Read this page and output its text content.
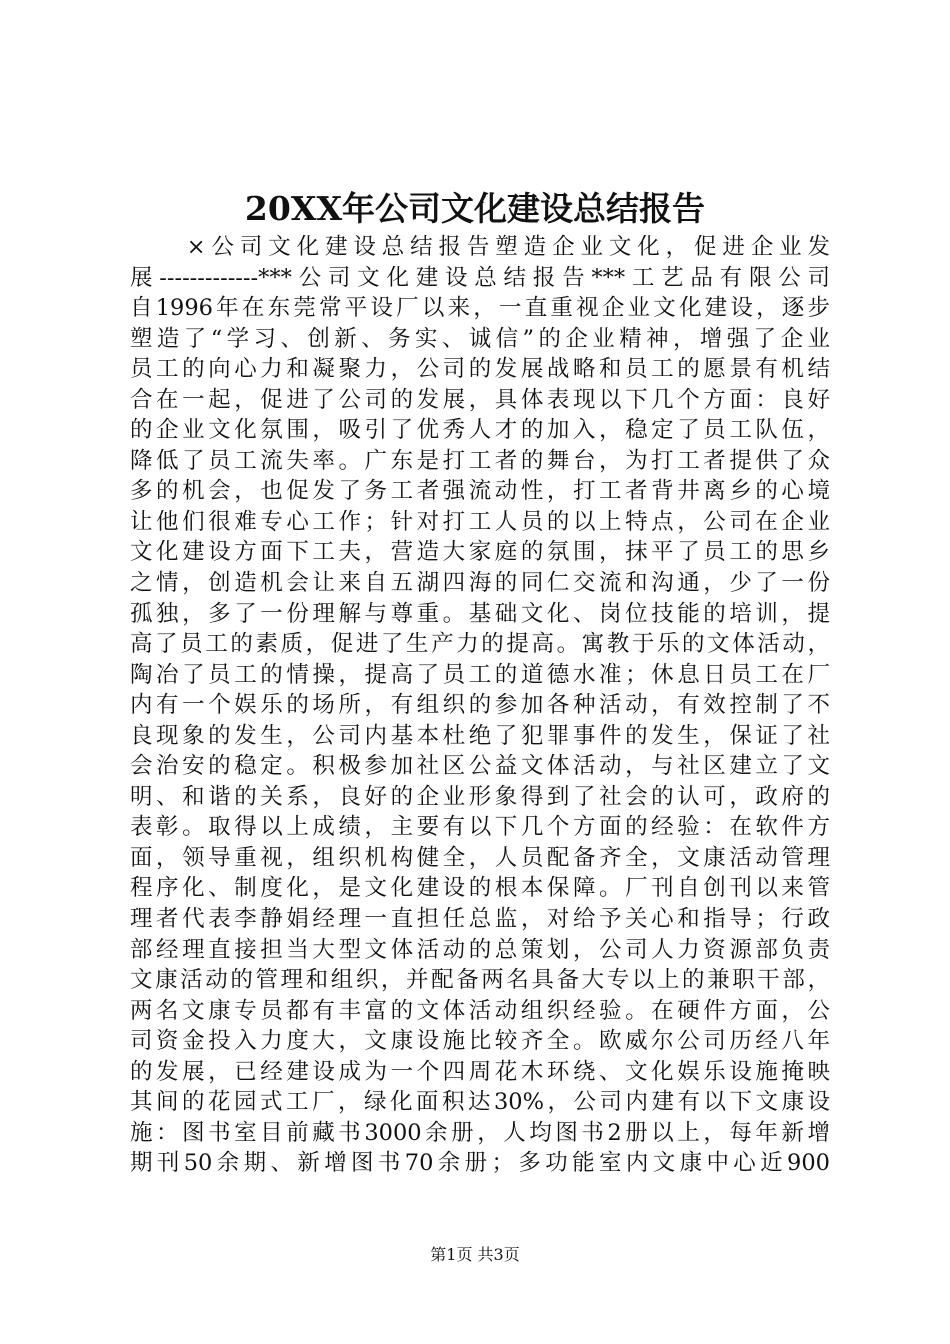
20XX年公司文化建设总结报告
　　×公司文化建设总结报告塑造企业文化，促进企业发
展-------------***公司文化建设总结报告***工艺品有限公司
自1996年在东莞常平设厂以来，一直重视企业文化建设，逐步
塑造了“学习、创新、务实、诚信”的企业精神，增强了企业
员工的向心力和凝聚力，公司的发展战略和员工的愿景有机结
合在一起，促进了公司的发展，具体表现以下几个方面：良好
的企业文化氛围，吸引了优秀人才的加入，稳定了员工队伍，
降低了员工流失率。广东是打工者的舞台，为打工者提供了众
多的机会，也促发了务工者强流动性，打工者背井离乡的心境
让他们很难专心工作；针对打工人员的以上特点，公司在企业
文化建设方面下工夫，营造大家庭的氛围，抹平了员工的思乡
之情，创造机会让来自五湖四海的同仁交流和沟通，少了一份
孤独，多了一份理解与尊重。基础文化、岗位技能的培训，提
高了员工的素质，促进了生产力的提高。寓教于乐的文体活动，
陶冶了员工的情操，提高了员工的道德水准；休息日员工在厂
内有一个娱乐的场所，有组织的参加各种活动，有效控制了不
良现象的发生，公司内基本杜绝了犯罪事件的发生，保证了社
会治安的稳定。积极参加社区公益文体活动，与社区建立了文
明、和谐的关系，良好的企业形象得到了社会的认可，政府的
表彰。取得以上成绩，主要有以下几个方面的经验：在软件方
面，领导重视，组织机构健全，人员配备齐全，文康活动管理
程序化、制度化，是文化建设的根本保障。厂刊自创刊以来管
理者代表李静娟经理一直担任总监，对给予关心和指导；行政
部经理直接担当大型文体活动的总策划，公司人力资源部负责
文康活动的管理和组织，并配备两名具备大专以上的兼职干部，
两名文康专员都有丰富的文体活动组织经验。在硬件方面，公
司资金投入力度大，文康设施比较齐全。欧威尔公司历经八年
的发展，已经建设成为一个四周花木环绕、文化娱乐设施掩映
其间的花园式工厂，绿化面积达30%，公司内建有以下文康设
施：图书室目前藏书3000余册，人均图书2册以上，每年新增
期刊50余期、新增图书70余册；多功能室内文康中心近900
第1页 共3页
